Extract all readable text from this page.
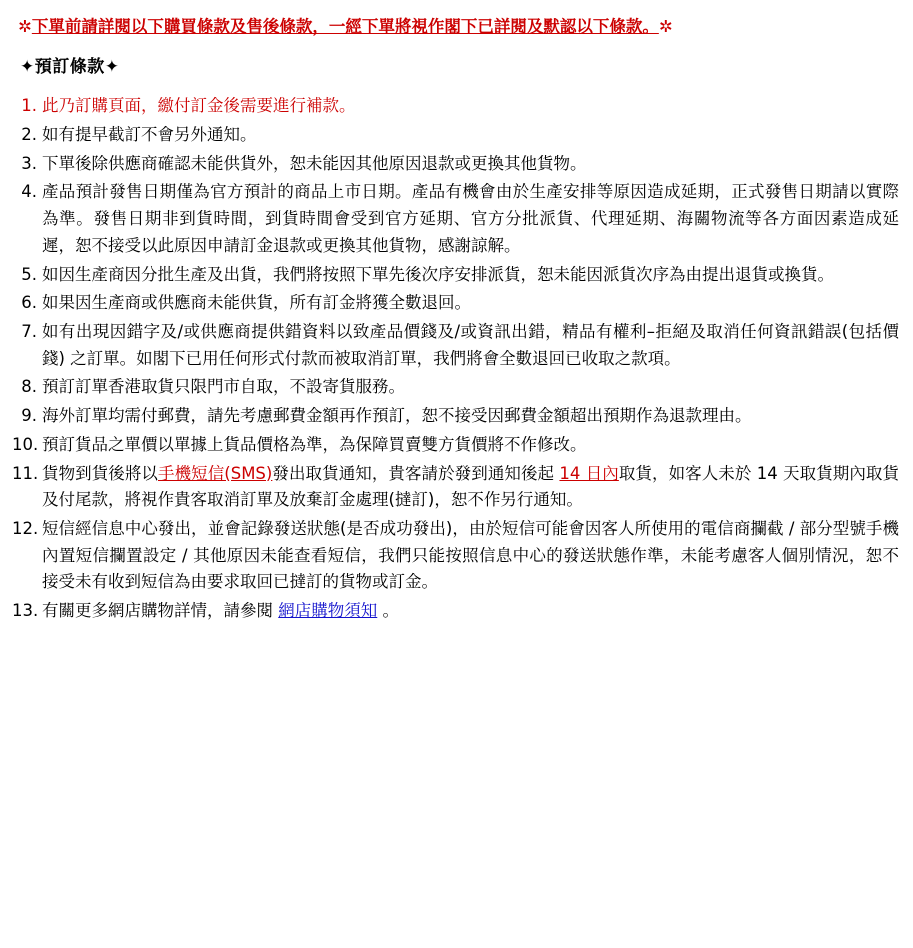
✲下單前請詳閱以下購買條款及售後條款，一經下單將視作閣下已詳閱及默認以下條款。✲
✦預訂條款✦
1. 此乃訂購頁面，繳付訂金後需要進行補款。
2. 如有提早截訂不會另外通知。
3. 下單後除供應商確認未能供貨外，恕未能因其他原因退款或更換其他貨物。
4. 產品預計發售日期僅為官方預計的商品上市日期。產品有機會由於生產安排等原因造成延期，正式發售日期請以實際為準。發售日期非到貨時間，到貨時間會受到官方延期、官方分批派貨、代理延期、海關物流等各方面因素造成延遲，恕不接受以此原因申請訂金退款或更換其他貨物，感謝諒解。
5. 如因生產商因分批生產及出貨，我們將按照下單先後次序安排派貨，恕未能因派貨次序為由提出退貨或換貨。
6. 如果因生產商或供應商未能供貨，所有訂金將獲全數退回。
7. 如有出現因錯字及/或供應商提供錯資料以致產品價錢及/或資訊出錯，精品有權利–拒絕及取消任何資訊錯誤(包括價錢) 之訂單。如閣下已用任何形式付款而被取消訂單，我們將會全數退回已收取之款項。
8. 預訂訂單香港取貨只限門市自取，不設寄貨服務。
9. 海外訂單均需付郵費，請先考慮郵費金額再作預訂，恕不接受因郵費金額超出預期作為退款理由。
10. 預訂貨品之單價以單據上貨品價格為準，為保障買賣雙方貨價將不作修改。
11. 貨物到貨後將以手機短信(SMS)發出取貨通知，貴客請於發到通知後起 14 日內取貨，如客人未於 14 天取貨期內取貨及付尾款，將視作貴客取消訂單及放棄訂金處理(撻訂)，恕不作另行通知。
12. 短信經信息中心發出，並會記錄發送狀態(是否成功發出)，由於短信可能會因客人所使用的電信商攔截 / 部分型號手機內置短信攔置設定 / 其他原因未能查看短信，我們只能按照信息中心的發送狀態作準，未能考慮客人個別情況，恕不接受未有收到短信為由要求取回已撻訂的貨物或訂金。
13. 有關更多網店購物詳情，請參閱 網店購物須知 。
